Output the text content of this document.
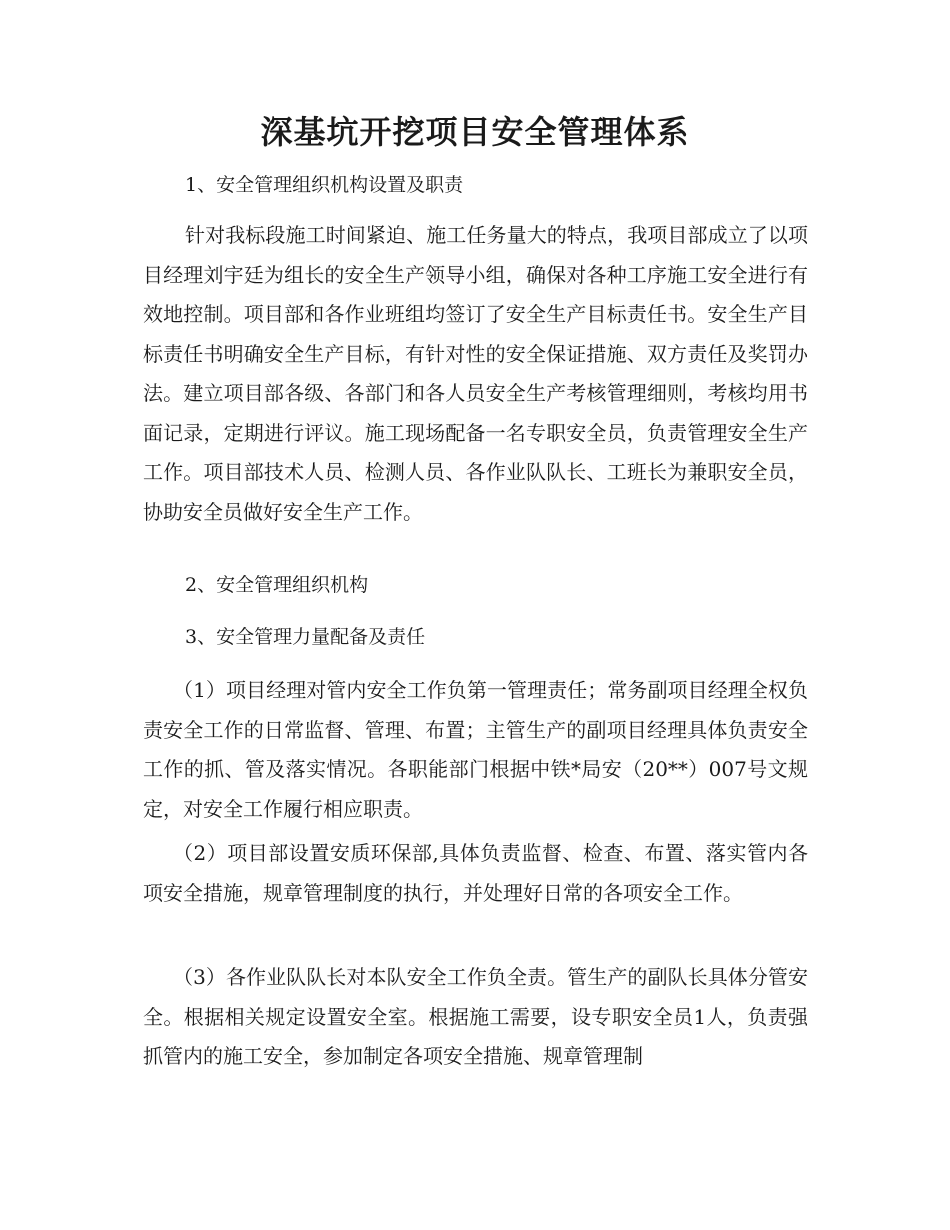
深基坑开挖项目安全管理体系

1、安全管理组织机构设置及职责

针对我标段施工时间紧迫、施工任务量大的特点，我项目部成立了以项目经理刘宇廷为组长的安全生产领导小组，确保对各种工序施工安全进行有效地控制。项目部和各作业班组均签订了安全生产目标责任书。安全生产目标责任书明确安全生产目标，有针对性的安全保证措施、双方责任及奖罚办法。建立项目部各级、各部门和各人员安全生产考核管理细则，考核均用书面记录，定期进行评议。施工现场配备一名专职安全员，负责管理安全生产工作。项目部技术人员、检测人员、各作业队队长、工班长为兼职安全员，协助安全员做好安全生产工作。

2、安全管理组织机构

3、安全管理力量配备及责任

（1）项目经理对管内安全工作负第一管理责任；常务副项目经理全权负责安全工作的日常监督、管理、布置；主管生产的副项目经理具体负责安全工作的抓、管及落实情况。各职能部门根据中铁*局安（20**）007号文规定，对安全工作履行相应职责。

（2）项目部设置安质环保部,具体负责监督、检查、布置、落实管内各项安全措施，规章管理制度的执行，并处理好日常的各项安全工作。

（3）各作业队队长对本队安全工作负全责。管生产的副队长具体分管安全。根据相关规定设置安全室。根据施工需要，设专职安全员1人，负责强抓管内的施工安全，参加制定各项安全措施、规章管理制
